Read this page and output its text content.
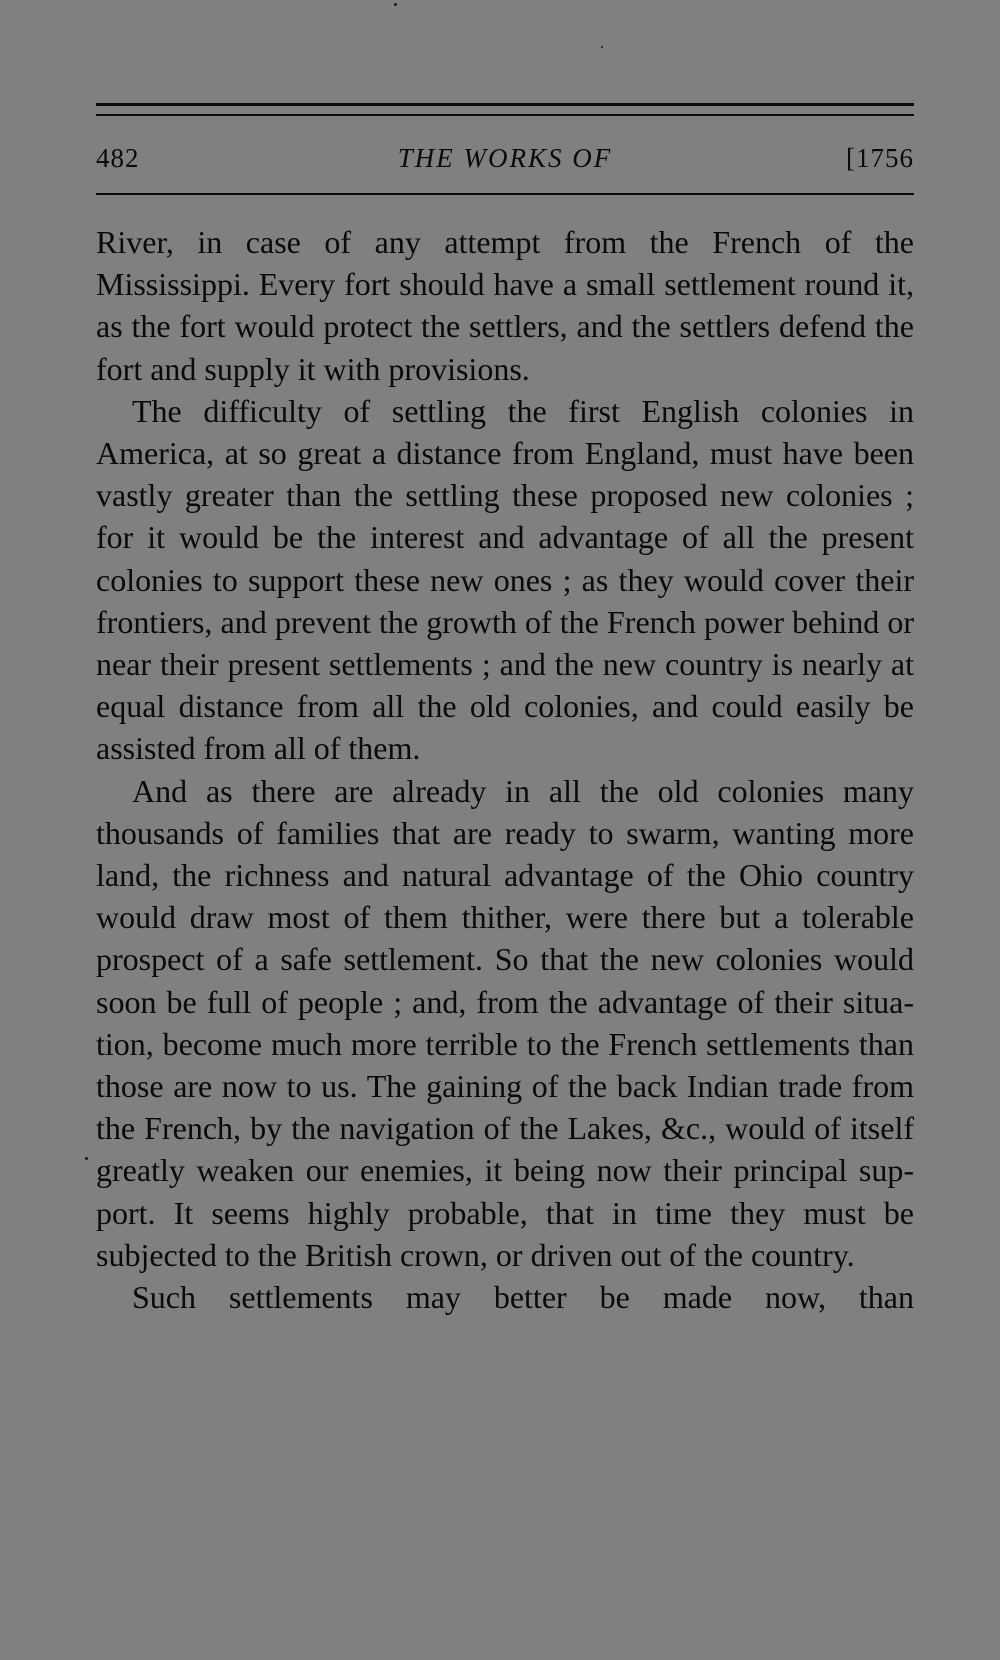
482	THE WORKS OF	[1756

River, in case of any attempt from the French of the Mississippi. Every fort should have a small settlement round it, as the fort would protect the settlers, and the settlers defend the fort and supply it with provisions.

The difficulty of settling the first English colonies in America, at so great a distance from England, must have been vastly greater than the settling these proposed new colonies ; for it would be the interest and advantage of all the present colonies to support these new ones ; as they would cover their frontiers, and prevent the growth of the French power behind or near their present settlements ; and the new country is nearly at equal distance from all the old colonies, and could easily be assisted from all of them.

And as there are already in all the old colonies many thousands of families that are ready to swarm, wanting more land, the richness and natural advantage of the Ohio country would draw most of them thither, were there but a tolerable prospect of a safe settlement. So that the new colonies would soon be full of people ; and, from the advantage of their situation, become much more terrible to the French settlements than those are now to us. The gaining of the back Indian trade from the French, by the navigation of the Lakes, &c., would of itself greatly weaken our enemies, it being now their principal support. It seems highly probable, that in time they must be subjected to the British crown, or driven out of the country.

Such settlements may better be made now, than
